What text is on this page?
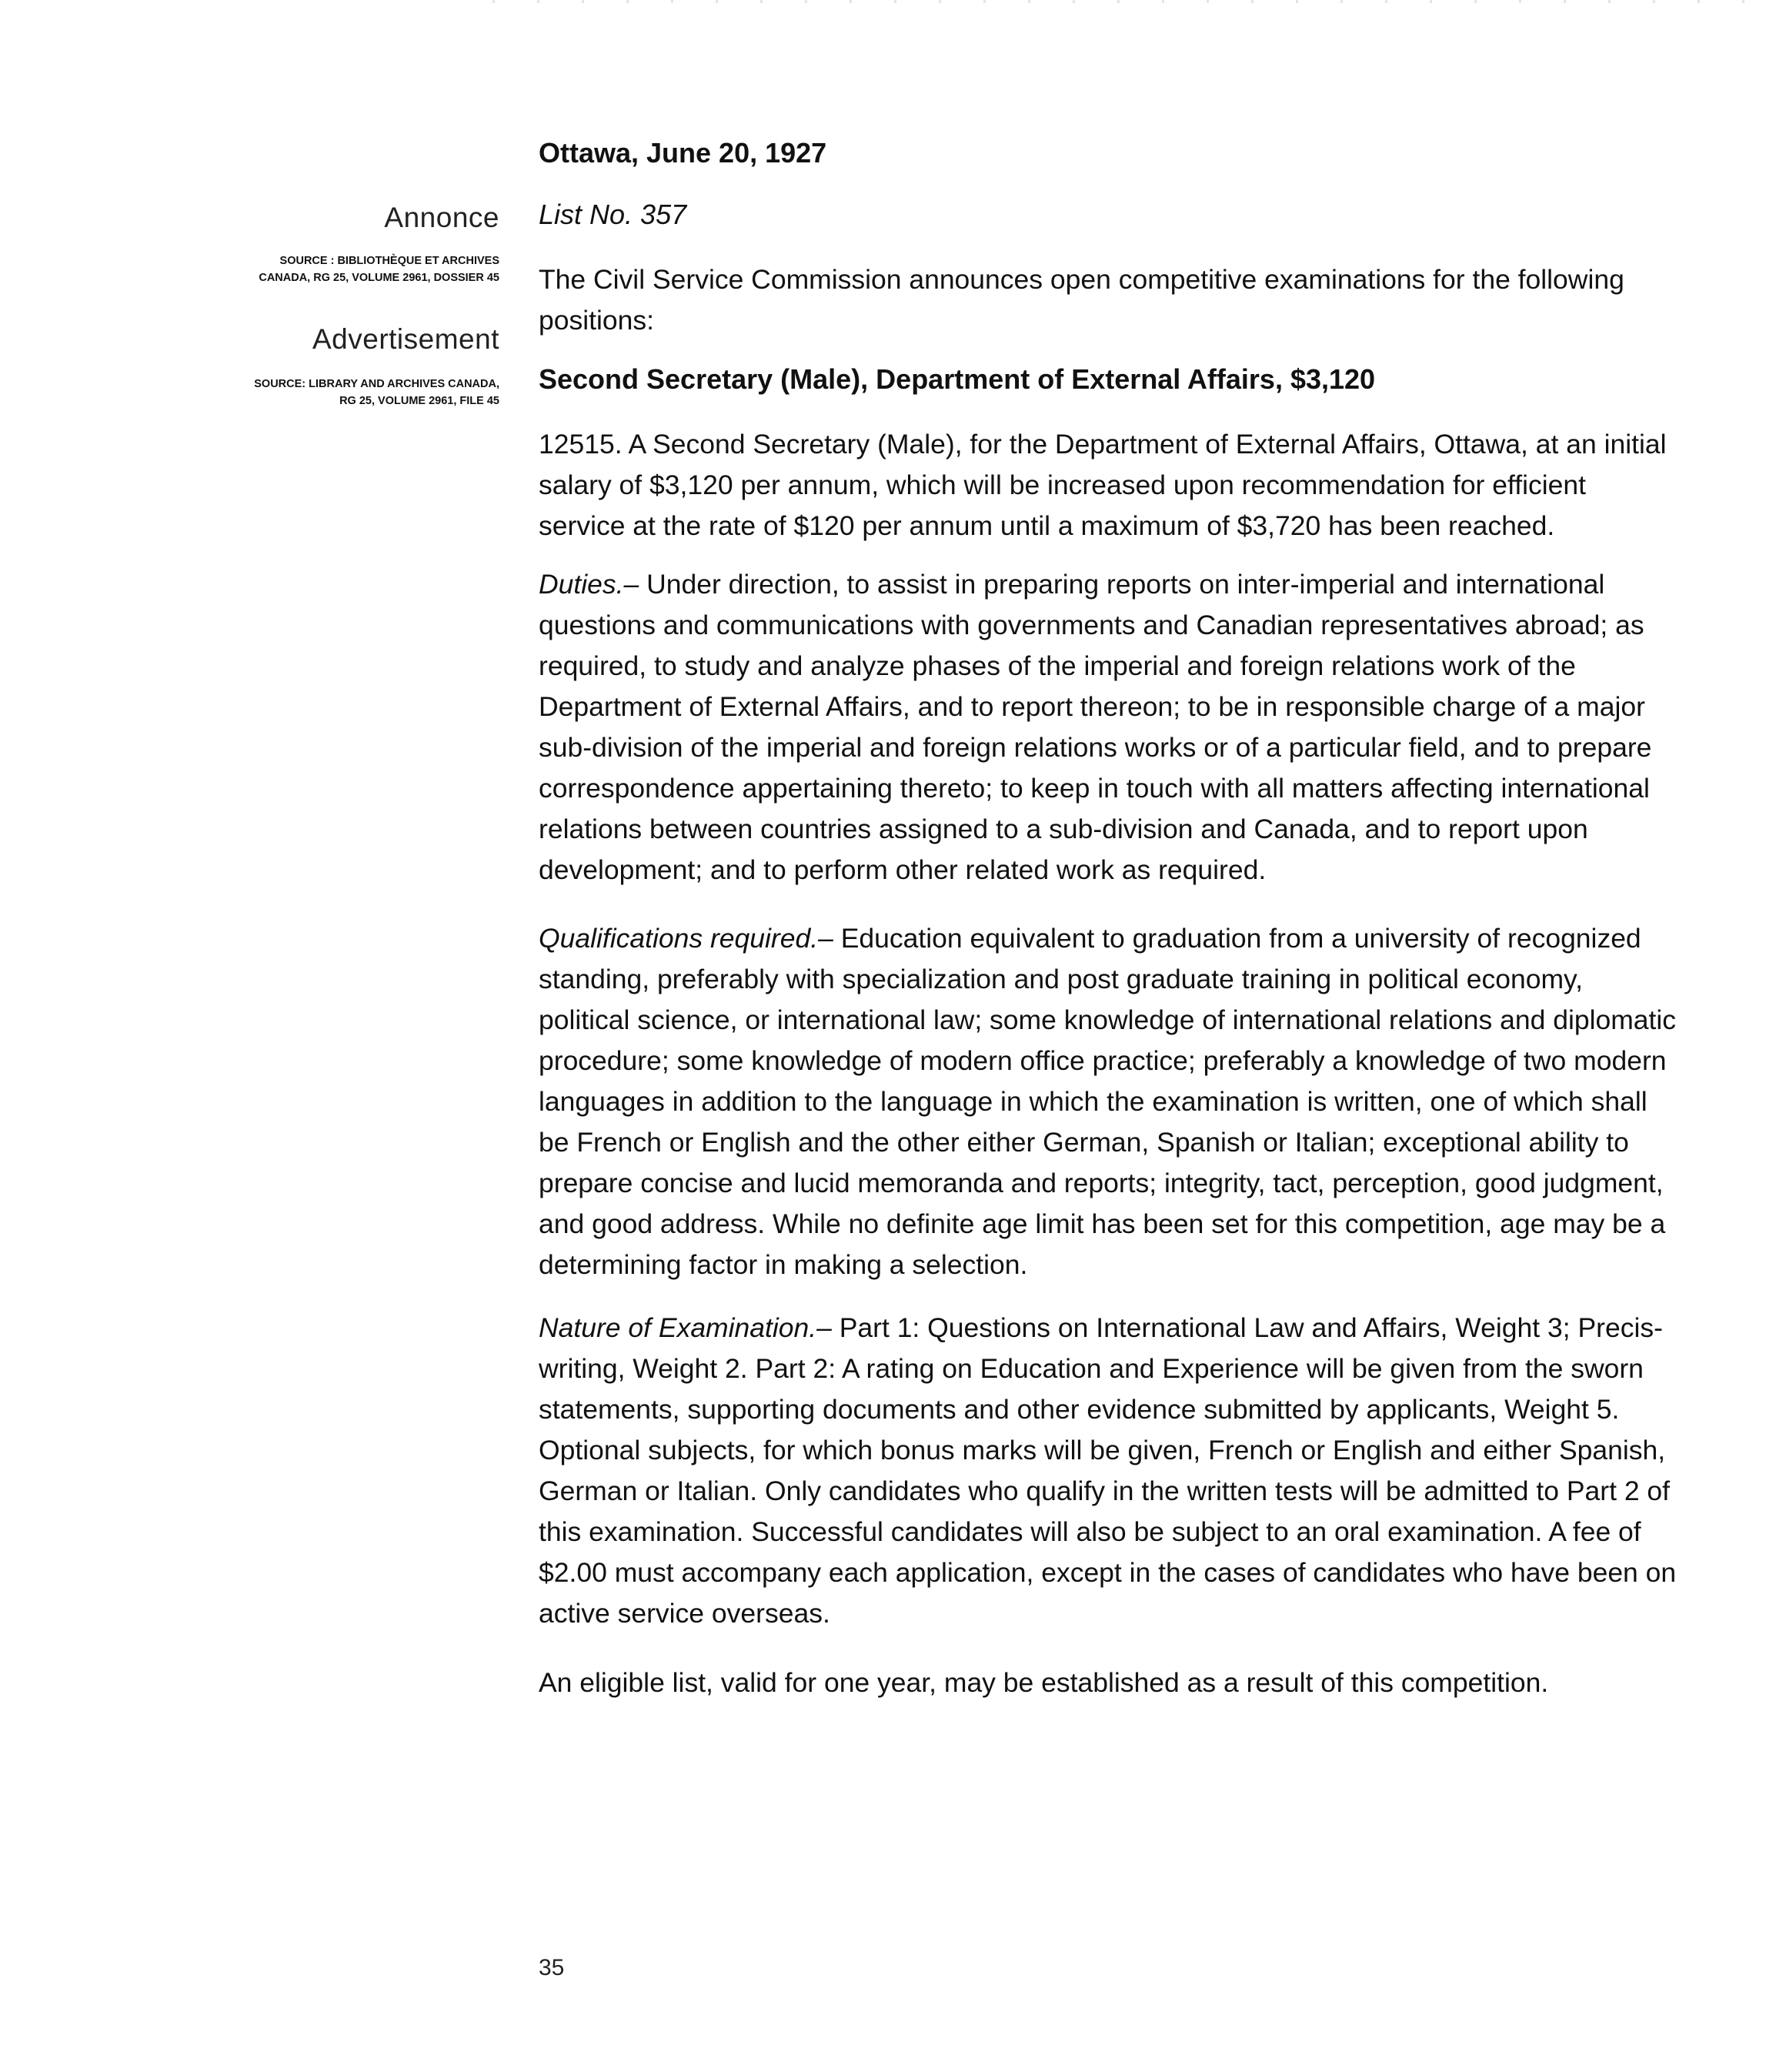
Annonce
SOURCE : BIBLIOTHÈQUE ET ARCHIVES
CANADA, RG 25, VOLUME 2961, DOSSIER 45
Advertisement
SOURCE: LIBRARY AND ARCHIVES CANADA,
RG 25, VOLUME 2961, FILE 45
Ottawa, June 20, 1927
List No. 357

The Civil Service Commission announces open competitive examinations for the following positions:

Second Secretary (Male), Department of External Affairs, $3,120

12515. A Second Secretary (Male), for the Department of External Affairs, Ottawa, at an initial salary of $3,120 per annum, which will be increased upon recommendation for efficient service at the rate of $120 per annum until a maximum of $3,720 has been reached.

Duties.– Under direction, to assist in preparing reports on inter-imperial and international questions and communications with governments and Canadian representatives abroad; as required, to study and analyze phases of the imperial and foreign relations work of the Department of External Affairs, and to report thereon; to be in responsible charge of a major sub-division of the imperial and foreign relations works or of a particular field, and to prepare correspondence appertaining thereto; to keep in touch with all matters affecting international relations between countries assigned to a sub-division and Canada, and to report upon development; and to perform other related work as required.

Qualifications required.– Education equivalent to graduation from a university of recognized standing, preferably with specialization and post graduate training in political economy, political science, or international law; some knowledge of international relations and diplomatic procedure; some knowledge of modern office practice; preferably a knowledge of two modern languages in addition to the language in which the examination is written, one of which shall be French or English and the other either German, Spanish or Italian; exceptional ability to prepare concise and lucid memoranda and reports; integrity, tact, perception, good judgment, and good address. While no definite age limit has been set for this competition, age may be a determining factor in making a selection.

Nature of Examination.– Part 1: Questions on International Law and Affairs, Weight 3; Precis-writing, Weight 2. Part 2: A rating on Education and Experience will be given from the sworn statements, supporting documents and other evidence submitted by applicants, Weight 5. Optional subjects, for which bonus marks will be given, French or English and either Spanish, German or Italian. Only candidates who qualify in the written tests will be admitted to Part 2 of this examination. Successful candidates will also be subject to an oral examination. A fee of $2.00 must accompany each application, except in the cases of candidates who have been on active service overseas.

An eligible list, valid for one year, may be established as a result of this competition.

35
